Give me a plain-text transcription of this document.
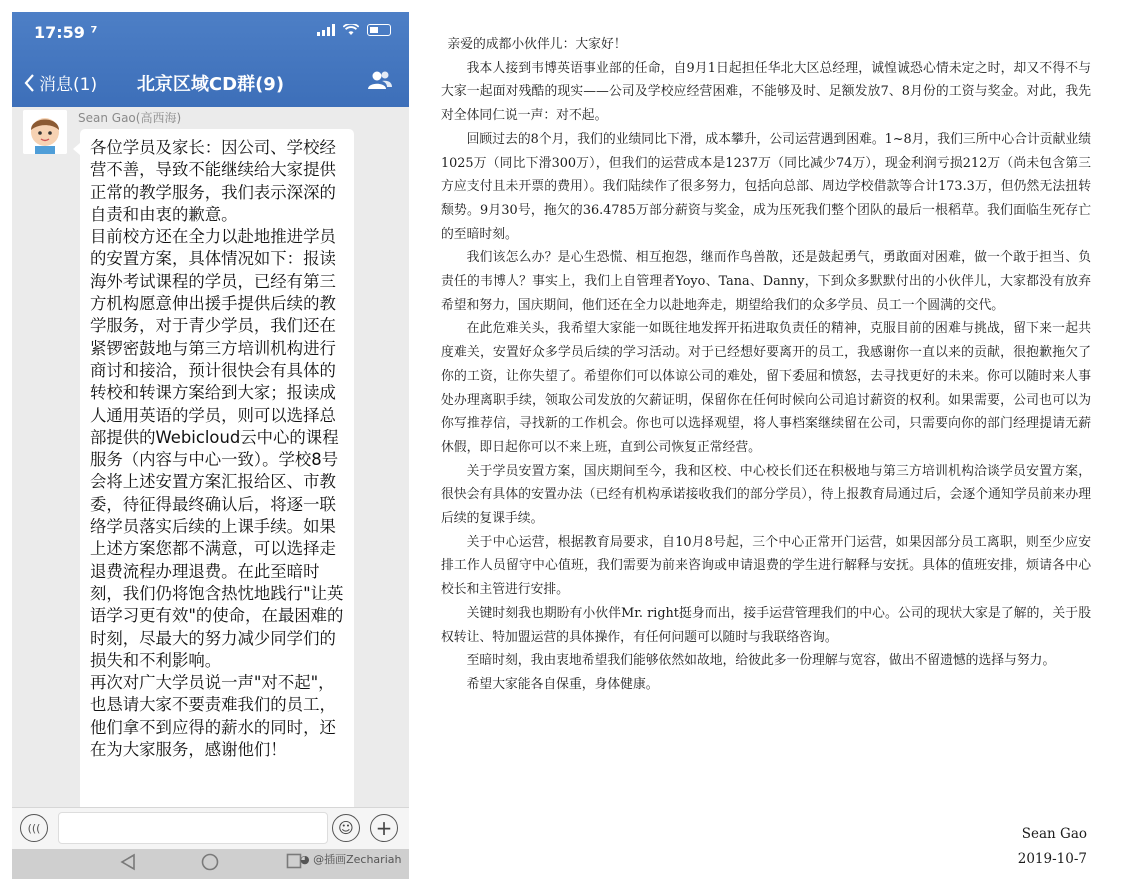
17:59 ⁷
消息(1)	北京区域CD群(9)
Sean Gao(高西海)

各位学员及家长：因公司、学校经营不善，导致不能继续给大家提供正常的教学服务，我们表示深深的自责和由衷的歉意。

目前校方还在全力以赴地推进学员的安置方案，具体情况如下：报读海外考试课程的学员，已经有第三方机构愿意伸出援手提供后续的教学服务，对于青少学员，我们还在紧锣密鼓地与第三方培训机构进行商讨和接洽，预计很快会有具体的转校和转课方案给到大家；报读成人通用英语的学员，则可以选择总部提供的Webicloud云中心的课程服务（内容与中心一致）。学校8号会将上述安置方案汇报给区、市教委，待征得最终确认后，将逐一联络学员落实后续的上课手续。如果上述方案您都不满意，可以选择走退费流程办理退费。在此至暗时刻，我们仍将饱含热忱地践行"让英语学习更有效"的使命，在最困难的时刻，尽最大的努力减少同学们的损失和不利影响。

再次对广大学员说一声"对不起"，也恳请大家不要责难我们的员工，他们拿不到应得的薪水的同时，还在为大家服务，感谢他们！

(((	☺ +
◕ @插画Zechariah

亲爱的成都小伙伴儿：大家好！

我本人接到韦博英语事业部的任命，自9月1日起担任华北大区总经理，诚惶诚恐心情未定之时，却又不得不与大家一起面对残酷的现实——公司及学校应经营困难，不能够及时、足额发放7、8月份的工资与奖金。对此，我先对全体同仁说一声：对不起。

回顾过去的8个月，我们的业绩同比下滑，成本攀升，公司运营遇到困难。1~8月，我们三所中心合计贡献业绩1025万（同比下滑300万），但我们的运营成本是1237万（同比减少74万），现金利润亏损212万（尚未包含第三方应支付且未开票的费用）。我们陆续作了很多努力，包括向总部、周边学校借款等合计173.3万，但仍然无法扭转颓势。9月30号，拖欠的36.4785万部分薪资与奖金，成为压死我们整个团队的最后一根稻草。我们面临生死存亡的至暗时刻。

我们该怎么办？是心生恐慌、相互抱怨，继而作鸟兽散，还是鼓起勇气，勇敢面对困难，做一个敢于担当、负责任的韦博人？事实上，我们上自管理者Yoyo、Tana、Danny，下到众多默默付出的小伙伴儿，大家都没有放弃希望和努力，国庆期间，他们还在全力以赴地奔走，期望给我们的众多学员、员工一个圆满的交代。

在此危难关头，我希望大家能一如既往地发挥开拓进取负责任的精神，克服目前的困难与挑战，留下来一起共度难关，安置好众多学员后续的学习活动。对于已经想好要离开的员工，我感谢你一直以来的贡献，很抱歉拖欠了你的工资，让你失望了。希望你们可以体谅公司的难处，留下委屈和愤怒，去寻找更好的未来。你可以随时来人事处办理离职手续，领取公司发放的欠薪证明，保留你在任何时候向公司追讨薪资的权利。如果需要，公司也可以为你写推荐信，寻找新的工作机会。你也可以选择观望，将人事档案继续留在公司，只需要向你的部门经理提请无薪休假，即日起你可以不来上班，直到公司恢复正常经营。

关于学员安置方案，国庆期间至今，我和区校、中心校长们还在积极地与第三方培训机构洽谈学员安置方案，很快会有具体的安置办法（已经有机构承诺接收我们的部分学员），待上报教育局通过后，会逐个通知学员前来办理后续的复课手续。

关于中心运营，根据教育局要求，自10月8号起，三个中心正常开门运营，如果因部分员工离职，则至少应安排工作人员留守中心值班，我们需要为前来咨询或申请退费的学生进行解释与安抚。具体的值班安排，烦请各中心校长和主管进行安排。

关键时刻我也期盼有小伙伴Mr. right挺身而出，接手运营管理我们的中心。公司的现状大家是了解的，关于股权转让、特加盟运营的具体操作，有任何问题可以随时与我联络咨询。

至暗时刻，我由衷地希望我们能够依然如故地，给彼此多一份理解与宽容，做出不留遗憾的选择与努力。

希望大家能各自保重，身体健康。

Sean Gao
2019-10-7
